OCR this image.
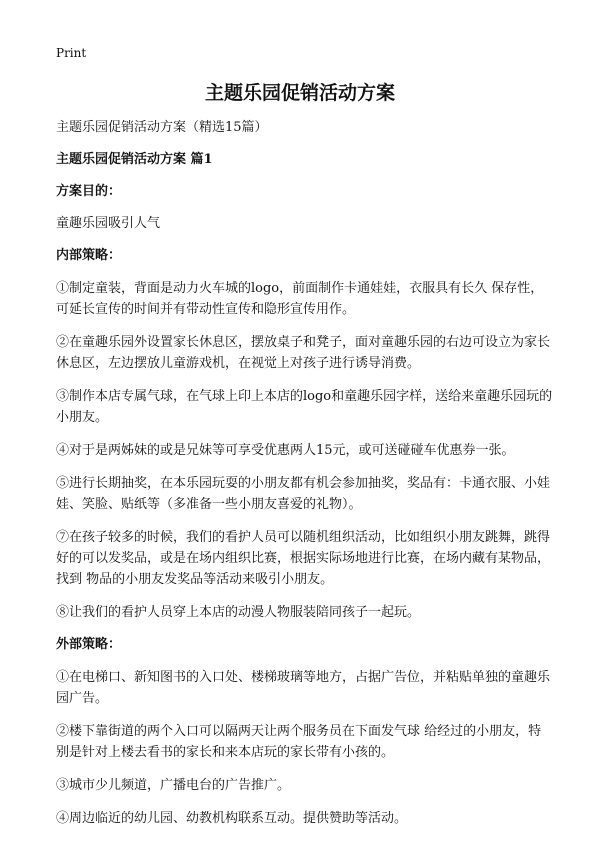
Print
主题乐园促销活动方案

主题乐园促销活动方案（精选15篇）

主题乐园促销活动方案 篇1

方案目的：

童趣乐园吸引人气

内部策略：

①制定童装，背面是动力火车城的logo，前面制作卡通娃娃，衣服具有长久 保存性，可延长宣传的时间并有带动性宣传和隐形宣传用作。

②在童趣乐园外设置家长休息区，摆放桌子和凳子，面对童趣乐园的右边可设立为家长 休息区，左边摆放儿童游戏机，在视觉上对孩子进行诱导消费。

③制作本店专属气球，在气球上印上本店的logo和童趣乐园字样，送给来童趣乐园玩的小朋友。

④对于是两姊妹的或是兄妹等可享受优惠两人15元，或可送碰碰车优惠券一张。

⑤进行长期抽奖，在本乐园玩耍的小朋友都有机会参加抽奖，奖品有：卡通衣服、小娃娃、笑脸、贴纸等（多准备一些小朋友喜爱的礼物）。

⑦在孩子较多的时候，我们的看护人员可以随机组织活动，比如组织小朋友跳舞，跳得好的可以发奖品，或是在场内组织比赛，根据实际场地进行比赛，在场内藏有某物品，找到 物品的小朋友发奖品等活动来吸引小朋友。

⑧让我们的看护人员穿上本店的动漫人物服装陪同孩子一起玩。

外部策略：

①在电梯口、新知图书的入口处、楼梯玻璃等地方，占据广告位，并粘贴单独的童趣乐园广告。

②楼下靠街道的两个入口可以隔两天让两个服务员在下面发气球 给经过的小朋友，特 别是针对上楼去看书的家长和来本店玩的家长带有小孩的。

③城市少儿频道，广播电台的广告推广。

④周边临近的幼儿园、幼教机构联系互动。提供赞助等活动。
